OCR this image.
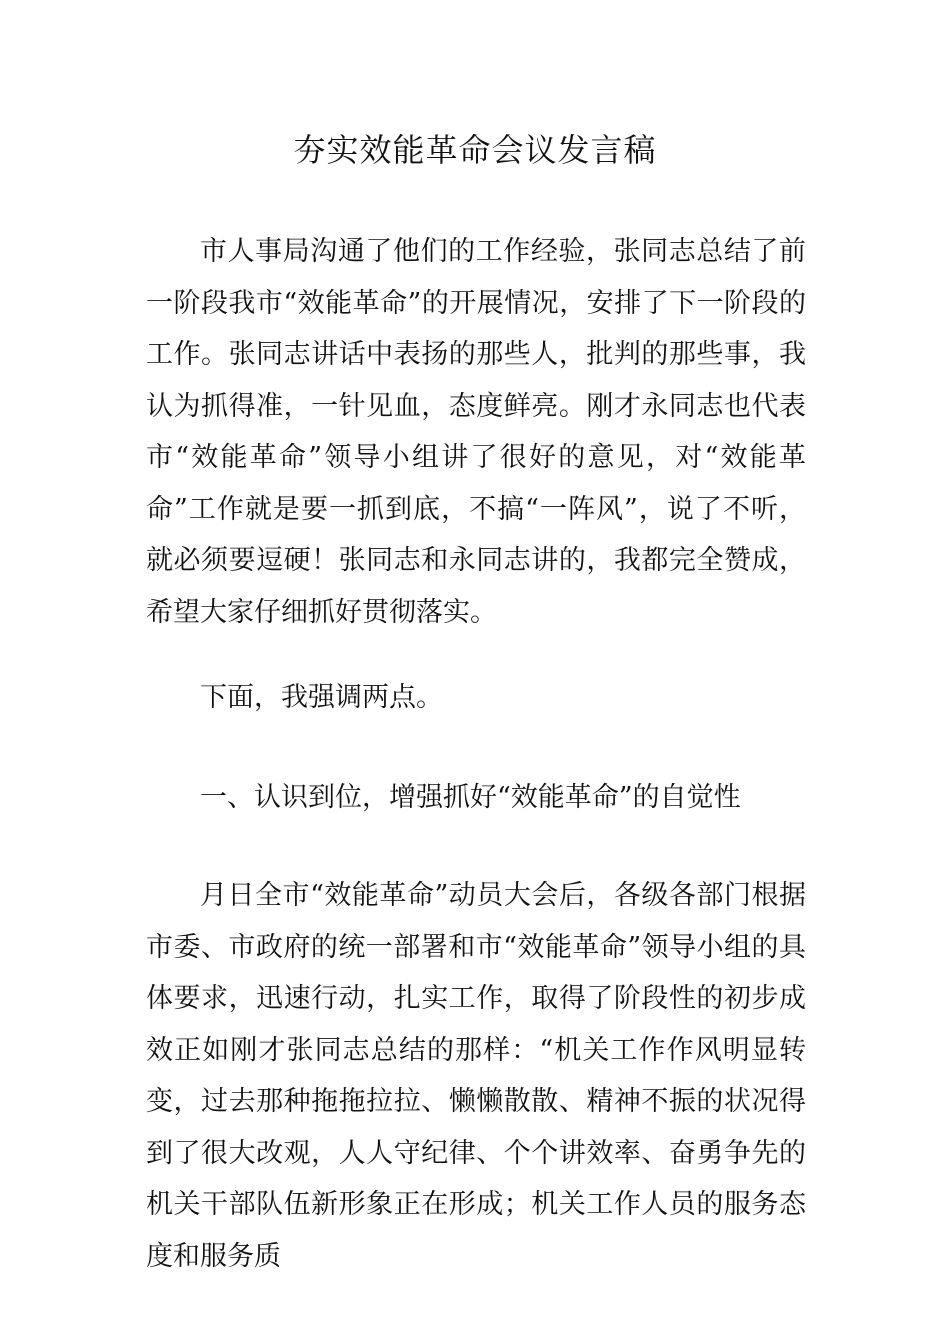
夯实效能革命会议发言稿

市人事局沟通了他们的工作经验，张同志总结了前一阶段我市“效能革命”的开展情况，安排了下一阶段的工作。张同志讲话中表扬的那些人，批判的那些事，我认为抓得准，一针见血，态度鲜亮。刚才永同志也代表市“效能革命”领导小组讲了很好的意见，对“效能革命”工作就是要一抓到底，不搞“一阵风”，说了不听，就必须要逗硬！张同志和永同志讲的，我都完全赞成，希望大家仔细抓好贯彻落实。

下面，我强调两点。

一、认识到位，增强抓好“效能革命”的自觉性

月日全市“效能革命”动员大会后，各级各部门根据市委、市政府的统一部署和市“效能革命”领导小组的具体要求，迅速行动，扎实工作，取得了阶段性的初步成效正如刚才张同志总结的那样：“机关工作作风明显转变，过去那种拖拖拉拉、懒懒散散、精神不振的状况得到了很大改观，人人守纪律、个个讲效率、奋勇争先的机关干部队伍新形象正在形成；机关工作人员的服务态度和服务质
